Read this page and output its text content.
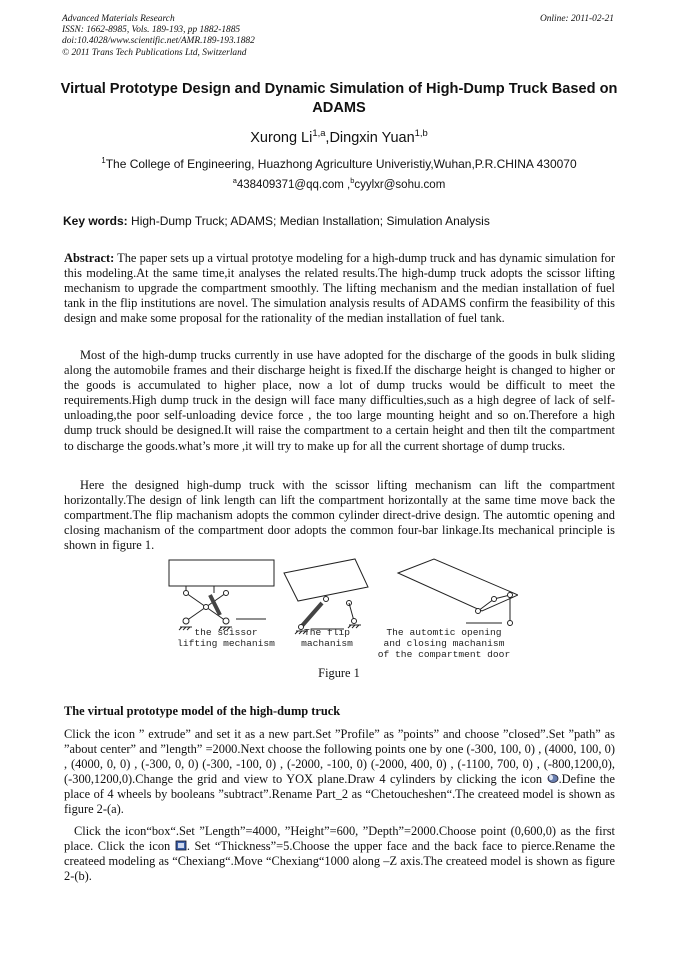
Advanced Materials Research
ISSN: 1662-8985, Vols. 189-193, pp 1882-1885
doi:10.4028/www.scientific.net/AMR.189-193.1882
© 2011 Trans Tech Publications Ltd, Switzerland
Online: 2011-02-21
Virtual Prototype Design and Dynamic Simulation of High-Dump Truck Based on ADAMS
Xurong Li$^{1,a}$,Dingxin Yuan$^{1,b}$
$^1$The College of Engineering, Huazhong Agriculture Univeristiy,Wuhan,P.R.CHINA 430070
$^a$438409371@qq.com ,$^b$cyylxr@sohu.com
Key words: High-Dump Truck; ADAMS; Median Installation; Simulation Analysis

Abstract: The paper sets up a virtual prototye modeling for a high-dump truck and has dynamic simulation for this modeling.At the same time,it analyses the related results.The high-dump truck adopts the scissor lifting mechanism to upgrade the compartment smoothly. The lifting mechanism and the median installation of fuel tank in the flip institutions are novel. The simulation analysis results of ADAMS confirm the feasibility of this design and make some proposal for the rationality of the median installation of fuel tank.

Most of the high-dump trucks currently in use have adopted for the discharge of the goods in bulk sliding along the automobile frames and their discharge height is fixed.If the discharge height is changed to higher or the goods is accumulated to higher place, now a lot of dump trucks would be difficult to meet the requirements.High dump truck in the design will face many difficulties,such as a high degree of lack of self-unloading,the poor self-unloading device force , the too large mounting height and so on.Therefore a high dump truck should be designed.It will raise the compartment to a certain height and then tilt the compartment to discharge the goods.what’s more ,it will try to make up for all the current shortage of dump trucks.

Here the designed high-dump truck with the scissor lifting mechanism can lift the compartment horizontally.The design of link length can lift the compartment horizontally at the same time move back the compartment.The flip machanism adopts the common cylinder direct-drive design. The automtic opening and closing machanism of the compartment door adopts the common four-bar linkage.Its mechanical principle is shown in figure 1.

the scissor
lifting mechanism
The flip
machanism
The automtic opening
and closing machanism
of the compartment door
Figure 1
The virtual prototype model of the high-dump truck

Click the icon ” extrude” and set it as a new part.Set ”Profile” as ”points” and choose ”closed”.Set ”path” as ”about center” and ”length” =2000.Next choose the following points one by one (-300, 100, 0) , (4000, 100, 0) , (4000, 0, 0) , (-300, 0, 0) (-300, -100, 0) , (-2000, -100, 0) (-2000, 400, 0) , (-1100, 700, 0) , (-800,1200,0),(-300,1200,0).Change the grid and view to YOX plane.Draw 4 cylinders by clicking the icon .Define the place of 4 wheels by booleans ”subtract”.Rename Part_2 as “Chetoucheshen“.The createed model is shown as figure 2-(a).

Click the icon“box“.Set ”Length”=4000, ”Height”=600, ”Depth”=2000.Choose point (0,600,0) as the first place. Click the icon . Set “Thickness”=5.Choose the upper face and the back face to pierce.Rename the createed modeling as “Chexiang“.Move “Chexiang“1000 along –Z axis.The createed model is shown as figure 2-(b).
